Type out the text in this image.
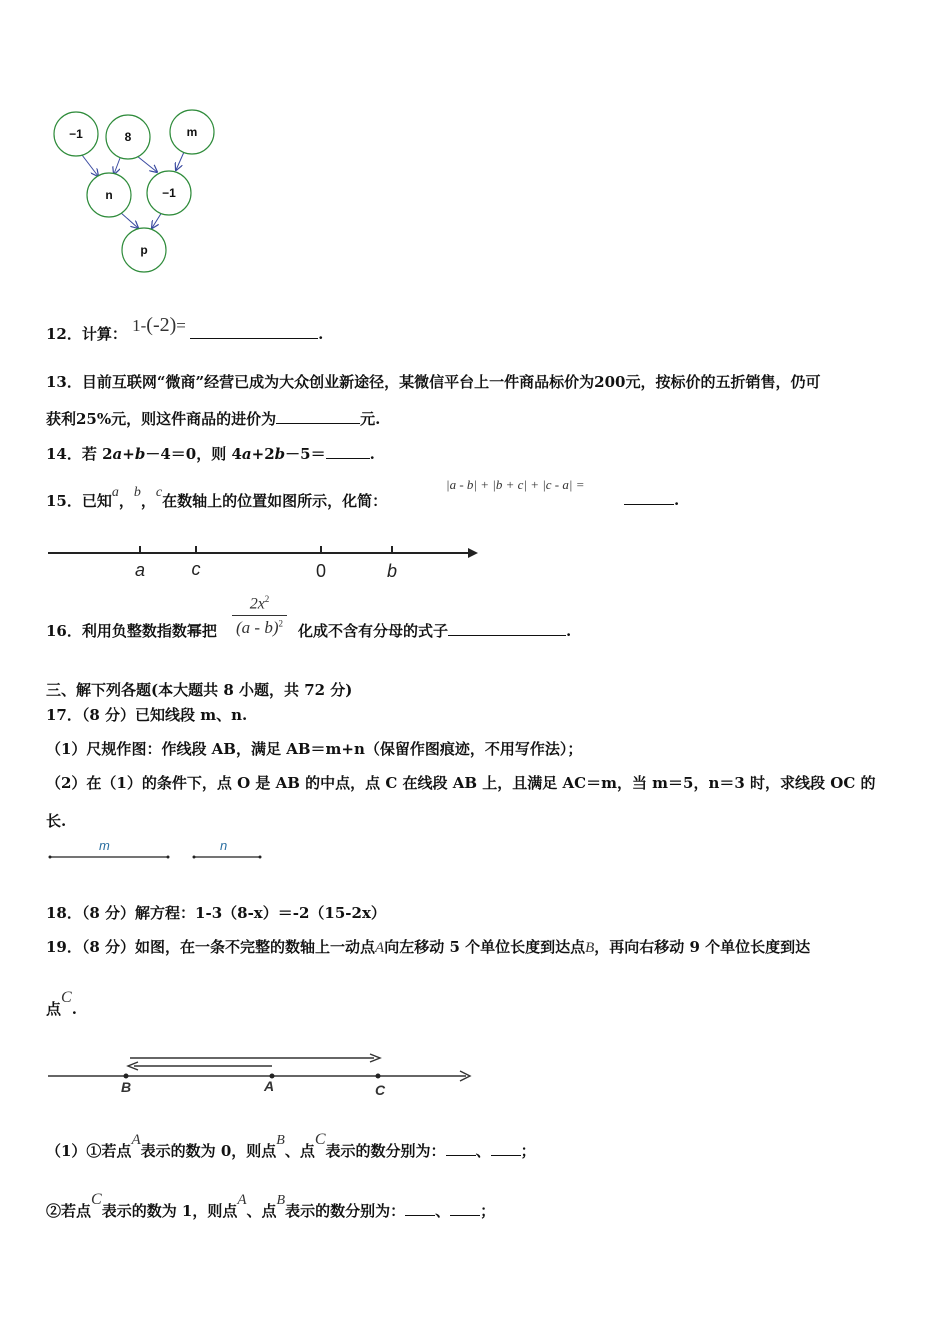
−1	8	m
n	−1
p
12．计算： 1-(-2)=	.
13．目前互联网“微商”经营已成为大众创业新途径，某微信平台上一件商品标价为200元，按标价的五折销售，仍可
获利25%元，则这件商品的进价为	元.
14．若 2a+b－4＝0，则 4a+2b－5＝	.
15．已知a，b，c在数轴上的位置如图所示，化简：
|a - b| + |b + c| + |c - a| =
.
a	c	0	b
16．利用负整数指数幂把 $\frac{2x^2}{(a - b)^2}$ 化成不含有分母的式子	.
三、解下列各题(本大题共 8 小题，共 72 分)
17．（8 分）已知线段 m、n.
（1）尺规作图：作线段 AB，满足 AB＝m+n（保留作图痕迹，不用写作法）；
（2）在（1）的条件下，点 O 是 AB 的中点，点 C 在线段 AB 上，且满足 AC＝m，当 m＝5，n＝3 时，求线段 OC 的
长.
m	n
18．（8 分）解方程：1-3（8-x）＝-2（15-2x）
19．（8 分）如图，在一条不完整的数轴上一动点A向左移动 5 个单位长度到达点B，再向右移动 9 个单位长度到达
点C.
B	A	C
（1）①若点A表示的数为 0，则点B、点C表示的数分别为： 、 ；
②若点C表示的数为 1，则点A、点B表示的数分别为： 、 ；
